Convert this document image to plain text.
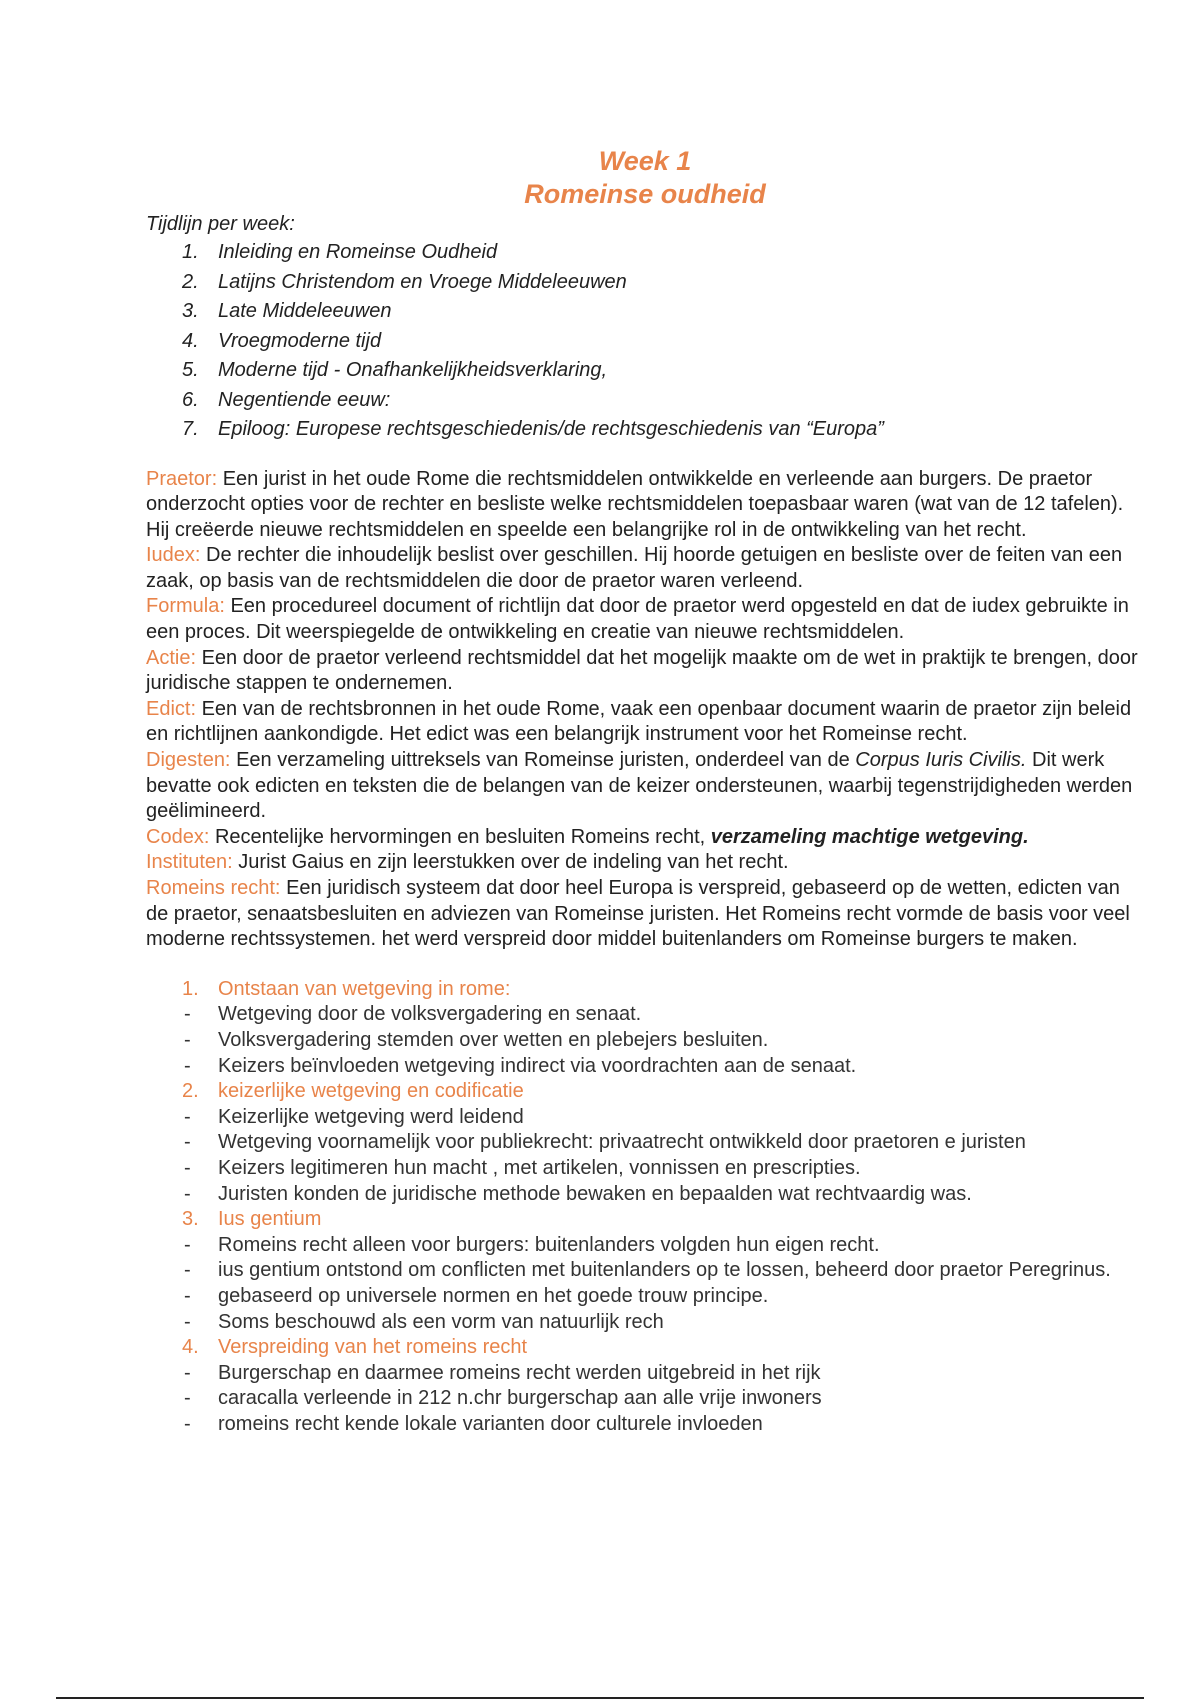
Week 1
Romeinse oudheid

Tijdlijn per week:

1. Inleiding en Romeinse Oudheid
2. Latijns Christendom en Vroege Middeleeuwen
3. Late Middeleeuwen
4. Vroegmoderne tijd
5. Moderne tijd - Onafhankelijkheidsverklaring,
6. Negentiende eeuw:
7. Epiloog: Europese rechtsgeschiedenis/de rechtsgeschiedenis van “Europa”

Praetor: Een jurist in het oude Rome die rechtsmiddelen ontwikkelde en verleende aan burgers. De praetor onderzocht opties voor de rechter en besliste welke rechtsmiddelen toepasbaar waren (wat van de 12 tafelen). Hij creëerde nieuwe rechtsmiddelen en speelde een belangrijke rol in de ontwikkeling van het recht.

Iudex: De rechter die inhoudelijk beslist over geschillen. Hij hoorde getuigen en besliste over de feiten van een zaak, op basis van de rechtsmiddelen die door de praetor waren verleend.

Formula: Een procedureel document of richtlijn dat door de praetor werd opgesteld en dat de iudex gebruikte in een proces. Dit weerspiegelde de ontwikkeling en creatie van nieuwe rechtsmiddelen.

Actie: Een door de praetor verleend rechtsmiddel dat het mogelijk maakte om de wet in praktijk te brengen, door juridische stappen te ondernemen.

Edict: Een van de rechtsbronnen in het oude Rome, vaak een openbaar document waarin de praetor zijn beleid en richtlijnen aankondigde. Het edict was een belangrijk instrument voor het Romeinse recht.

Digesten: Een verzameling uittreksels van Romeinse juristen, onderdeel van de Corpus Iuris Civilis. Dit werk bevatte ook edicten en teksten die de belangen van de keizer ondersteunen, waarbij tegenstrijdigheden werden geëlimineerd.

Codex: Recentelijke hervormingen en besluiten Romeins recht, verzameling machtige wetgeving.

Instituten: Jurist Gaius en zijn leerstukken over de indeling van het recht.

Romeins recht: Een juridisch systeem dat door heel Europa is verspreid, gebaseerd op de wetten, edicten van de praetor, senaatsbesluiten en adviezen van Romeinse juristen. Het Romeins recht vormde de basis voor veel moderne rechtssystemen. het werd verspreid door middel buitenlanders om Romeinse burgers te maken.

1. Ontstaan van wetgeving in rome:
- Wetgeving door de volksvergadering en senaat.
- Volksvergadering stemden over wetten en plebejers besluiten.
- Keizers beïnvloeden wetgeving indirect via voordrachten aan de senaat.
2. keizerlijke wetgeving en codificatie
- Keizerlijke wetgeving werd leidend
- Wetgeving voornamelijk voor publiekrecht: privaatrecht ontwikkeld door praetoren e juristen
- Keizers legitimeren hun macht , met artikelen, vonnissen en prescripties.
- Juristen konden de juridische methode bewaken en bepaalden wat rechtvaardig was.
3. Ius gentium
- Romeins recht alleen voor burgers: buitenlanders volgden hun eigen recht.
- ius gentium ontstond om conflicten met buitenlanders op te lossen, beheerd door praetor Peregrinus.
- gebaseerd op universele normen en het goede trouw principe.
- Soms beschouwd als een vorm van natuurlijk rech
4. Verspreiding van het romeins recht
- Burgerschap en daarmee romeins recht werden uitgebreid in het rijk
- caracalla verleende in 212 n.chr burgerschap aan alle vrije inwoners
- romeins recht kende lokale varianten door culturele invloeden
